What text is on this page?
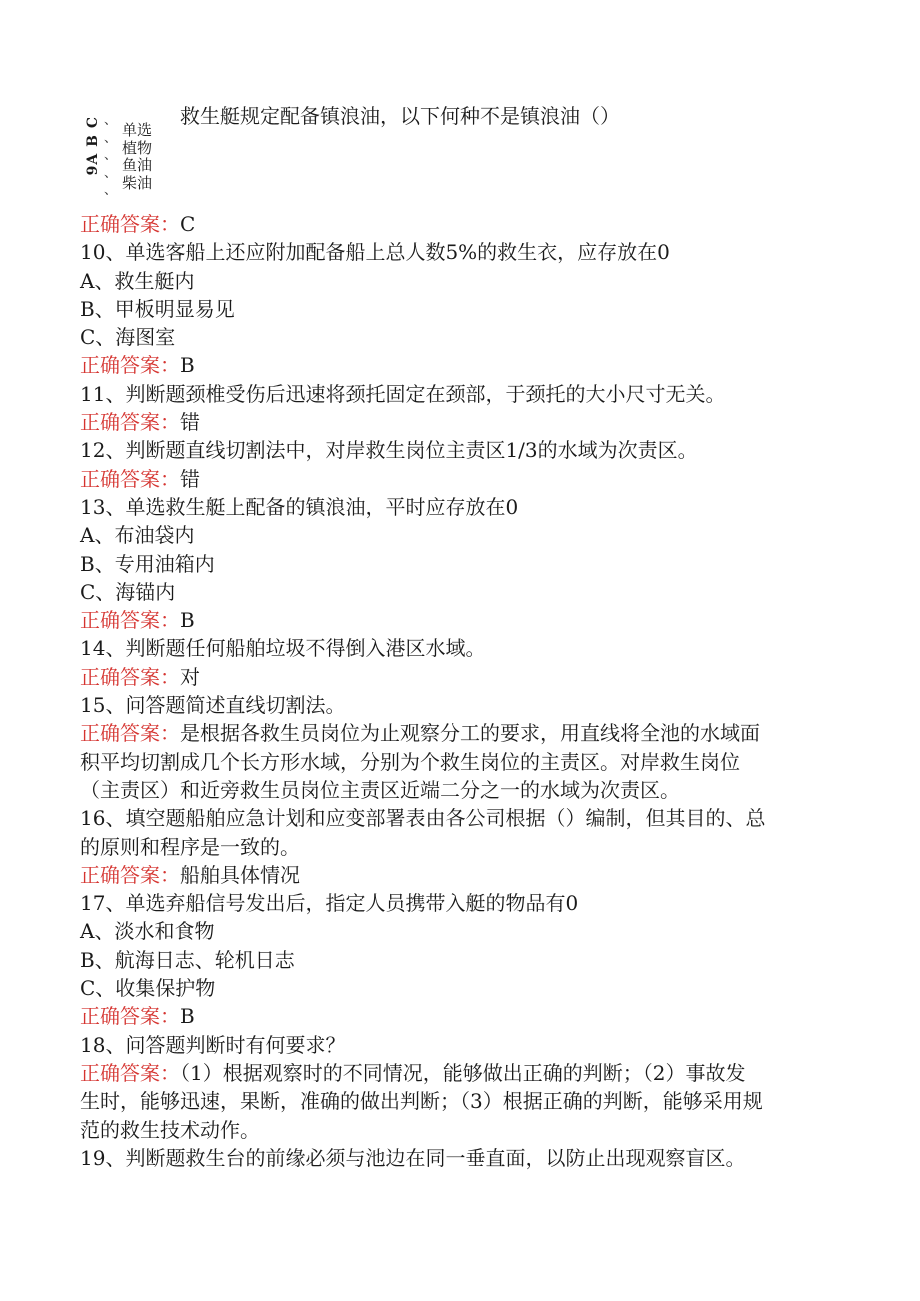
救生艇规定配备镇浪油，以下何种不是镇浪油（）
9A B C 、
、
、
、
、
单选
植物
鱼油
柴油
正确答案：C
10、单选客船上还应附加配备船上总人数5%的救生衣，应存放在0
A、救生艇内
B、甲板明显易见
C、海图室
正确答案：B
11、判断题颈椎受伤后迅速将颈托固定在颈部，于颈托的大小尺寸无关。
正确答案：错
12、判断题直线切割法中，对岸救生岗位主责区1/3的水域为次责区。
正确答案：错
13、单选救生艇上配备的镇浪油，平时应存放在0
A、布油袋内
B、专用油箱内
C、海锚内
正确答案：B
14、判断题任何船舶垃圾不得倒入港区水域。
正确答案：对
15、问答题简述直线切割法。
正确答案：是根据各救生员岗位为止观察分工的要求，用直线将全池的水域面
积平均切割成几个长方形水域，分别为个救生岗位的主责区。对岸救生岗位
（主责区）和近旁救生员岗位主责区近端二分之一的水域为次责区。
16、填空题船舶应急计划和应变部署表由各公司根据（）编制，但其目的、总
的原则和程序是一致的。
正确答案：船舶具体情况
17、单选弃船信号发出后，指定人员携带入艇的物品有0
A、淡水和食物
B、航海日志、轮机日志
C、收集保护物
正确答案：B
18、问答题判断时有何要求？
正确答案：（1）根据观察时的不同情况，能够做出正确的判断；（2）事故发
生时，能够迅速，果断，准确的做出判断；（3）根据正确的判断，能够采用规
范的救生技术动作。
19、判断题救生台的前缘必须与池边在同一垂直面，以防止出现观察盲区。
